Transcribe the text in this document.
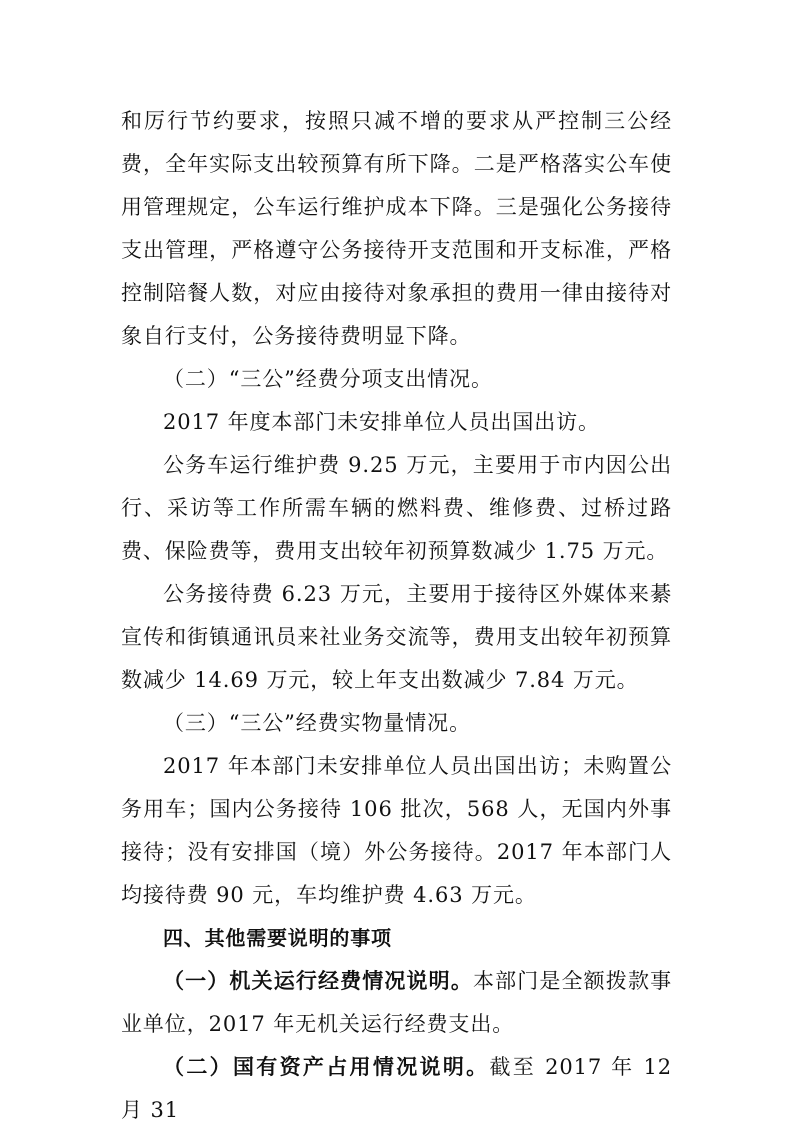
和厉行节约要求，按照只减不增的要求从严控制三公经费，全年实际支出较预算有所下降。二是严格落实公车使用管理规定，公车运行维护成本下降。三是强化公务接待支出管理，严格遵守公务接待开支范围和开支标准，严格控制陪餐人数，对应由接待对象承担的费用一律由接待对象自行支付，公务接待费明显下降。

（二）“三公”经费分项支出情况。

2017 年度本部门未安排单位人员出国出访。

公务车运行维护费 9.25 万元，主要用于市内因公出行、采访等工作所需车辆的燃料费、维修费、过桥过路费、保险费等，费用支出较年初预算数减少 1.75 万元。

公务接待费 6.23 万元，主要用于接待区外媒体来綦宣传和街镇通讯员来社业务交流等，费用支出较年初预算数减少 14.69 万元，较上年支出数减少 7.84 万元。

（三）“三公”经费实物量情况。

2017 年本部门未安排单位人员出国出访；未购置公务用车；国内公务接待 106 批次，568 人，无国内外事接待；没有安排国（境）外公务接待。2017 年本部门人均接待费 90 元，车均维护费 4.63 万元。

四、其他需要说明的事项

（一）机关运行经费情况说明。本部门是全额拨款事业单位，2017 年无机关运行经费支出。

（二）国有资产占用情况说明。截至 2017 年 12 月 31
